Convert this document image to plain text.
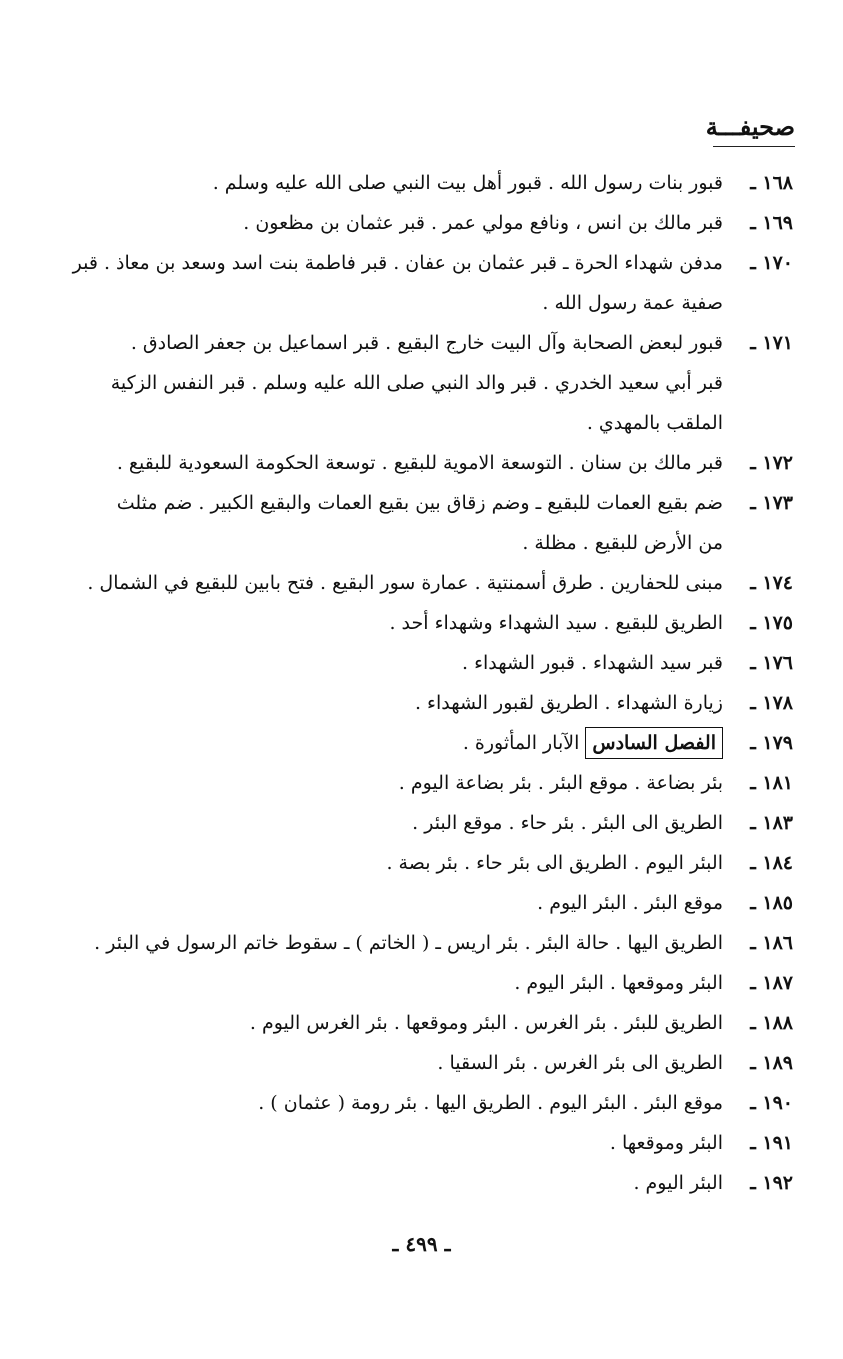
صحيفـــة
١٦٨ ـ
قبور بنات رسول الله . قبور أهل بيت النبي صلى الله عليه وسلم .
١٦٩ ـ
قبر مالك بن انس ، ونافع مولي عمر . قبر عثمان بن مظعون .
١٧٠ ـ
مدفن شهداء الحرة ـ قبر عثمان بن عفان . قبر فاطمة بنت اسد وسعد بن معاذ . قبر
صفية عمة رسول الله .
١٧١ ـ
قبور لبعض الصحابة وآل البيت خارج البقيع . قبر اسماعيل بن جعفر الصادق .
قبر أبي سعيد الخدري . قبر والد النبي صلى الله عليه وسلم . قبر النفس الزكية
الملقب بالمهدي .
١٧٢ ـ
قبر مالك بن سنان . التوسعة الاموية للبقيع . توسعة الحكومة السعودية للبقيع .
١٧٣ ـ
ضم بقيع العمات للبقيع ـ وضم زقاق بين بقيع العمات والبقيع الكبير . ضم مثلث
من الأرض للبقيع . مظلة .
١٧٤ ـ
مبنى للحفارين . طرق أسمنتية . عمارة سور البقيع . فتح بابين للبقيع في الشمال .
١٧٥ ـ
الطريق للبقيع . سيد الشهداء وشهداء أحد .
١٧٦ ـ
قبر سيد الشهداء . قبور الشهداء .
١٧٨ ـ
زيارة الشهداء . الطريق لقبور الشهداء .
١٧٩ ـ
الفصل السادسالآبار المأثورة .
١٨١ ـ
بئر بضاعة . موقع البئر . بئر بضاعة اليوم .
١٨٣ ـ
الطريق الى البئر . بئر حاء . موقع البئر .
١٨٤ ـ
البئر اليوم . الطريق الى بئر حاء . بئر بصة .
١٨٥ ـ
موقع البئر . البئر اليوم .
١٨٦ ـ
الطريق اليها . حالة البئر . بئر اريس ـ ( الخاتم ) ـ سقوط خاتم الرسول في البئر .
١٨٧ ـ
البئر وموقعها . البئر اليوم .
١٨٨ ـ
الطريق للبئر . بئر الغرس . البئر وموقعها . بئر الغرس اليوم .
١٨٩ ـ
الطريق الى بئر الغرس . بئر السقيا .
١٩٠ ـ
موقع البئر . البئر اليوم . الطريق اليها . بئر رومة ( عثمان ) .
١٩١ ـ
البئر وموقعها .
١٩٢ ـ
البئر اليوم .
ـ ٤٩٩ ـ
